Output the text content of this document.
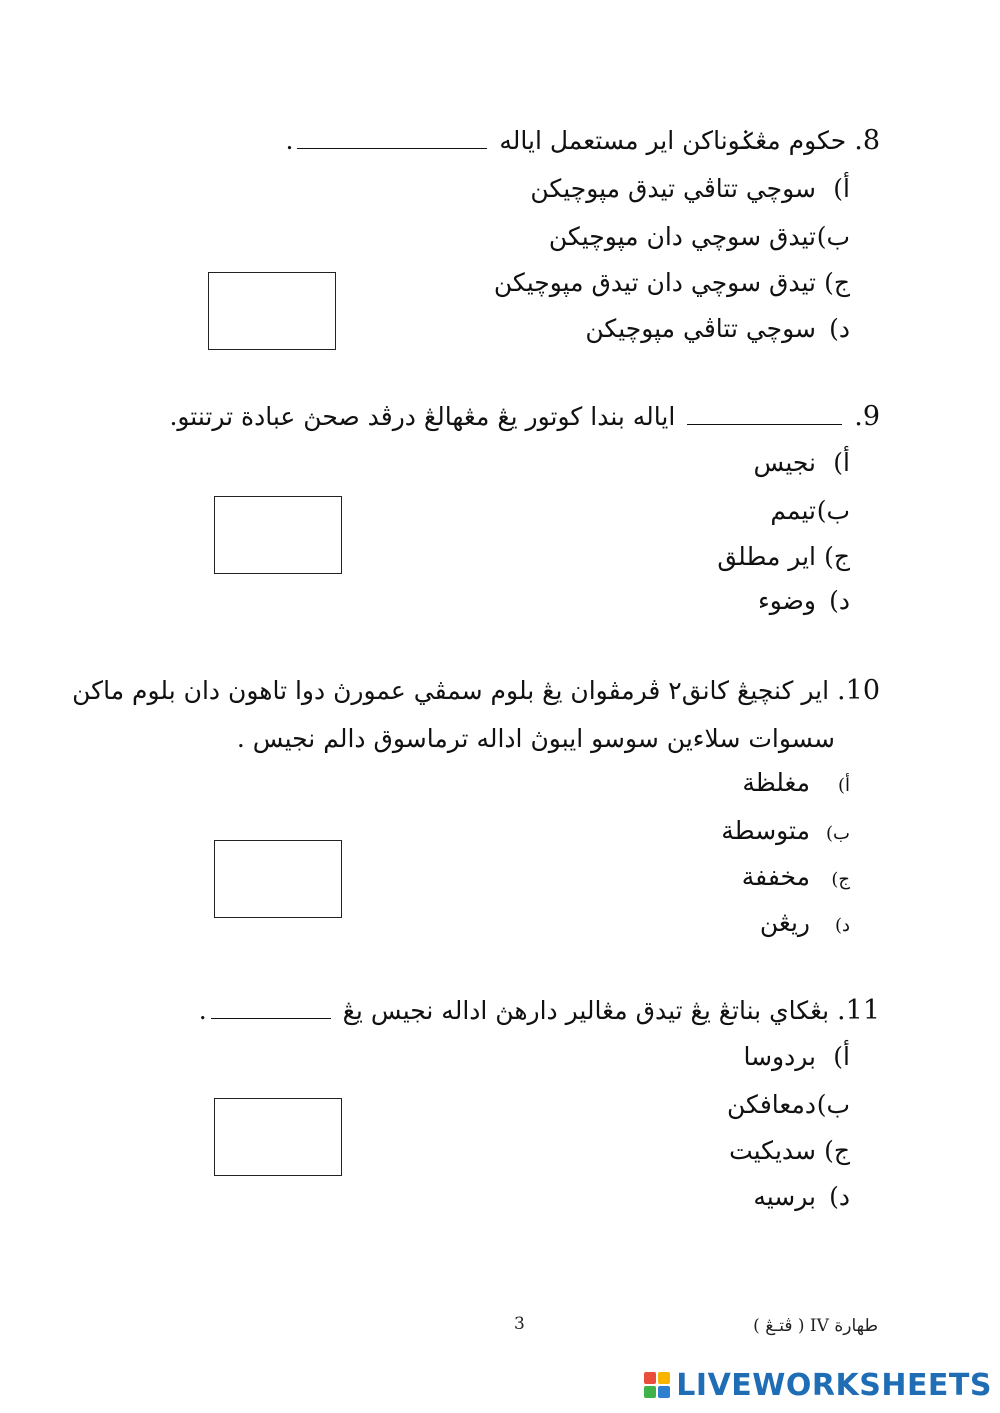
8. حکوم مڠݢوناکن اير مستعمل اياله .
أ)سوچي تتاڤي تيدق مپوچيکن
ب)تيدق سوچي دان مپوچيکن
ج)تيدق سوچي دان تيدق مپوچيکن
د)سوچي تتاڤي مپوچيکن
9.  اياله بندا کوتور يڠ مڠهالڠ درڤد صحڽ عبادة ترتنتو.
أ)نجيس
ب)تيمم
ج)اير مطلق
د)وضوء
10. اير کنچيڠ کانق٢ ڤرمڤوان يڠ بلوم سمڤي عمورڽ دوا تاهون دان بلوم ماکن
سسوات سلاءين سوسو ايبوڽ اداله ترماسوق دالم نجيس .
أ)مغلظة
ب)متوسطة
ج)مخففة
د)ريڠن
11. بڠکاي بناتڠ يڠ تيدق مڠالير دارهڽ اداله نجيس يڠ .
أ)بردوسا
ب)دمعافکن
ج)سديکيت
د)برسيه
طهارة IV ( ڤتـڠ )
3
LIVEWORKSHEETS
